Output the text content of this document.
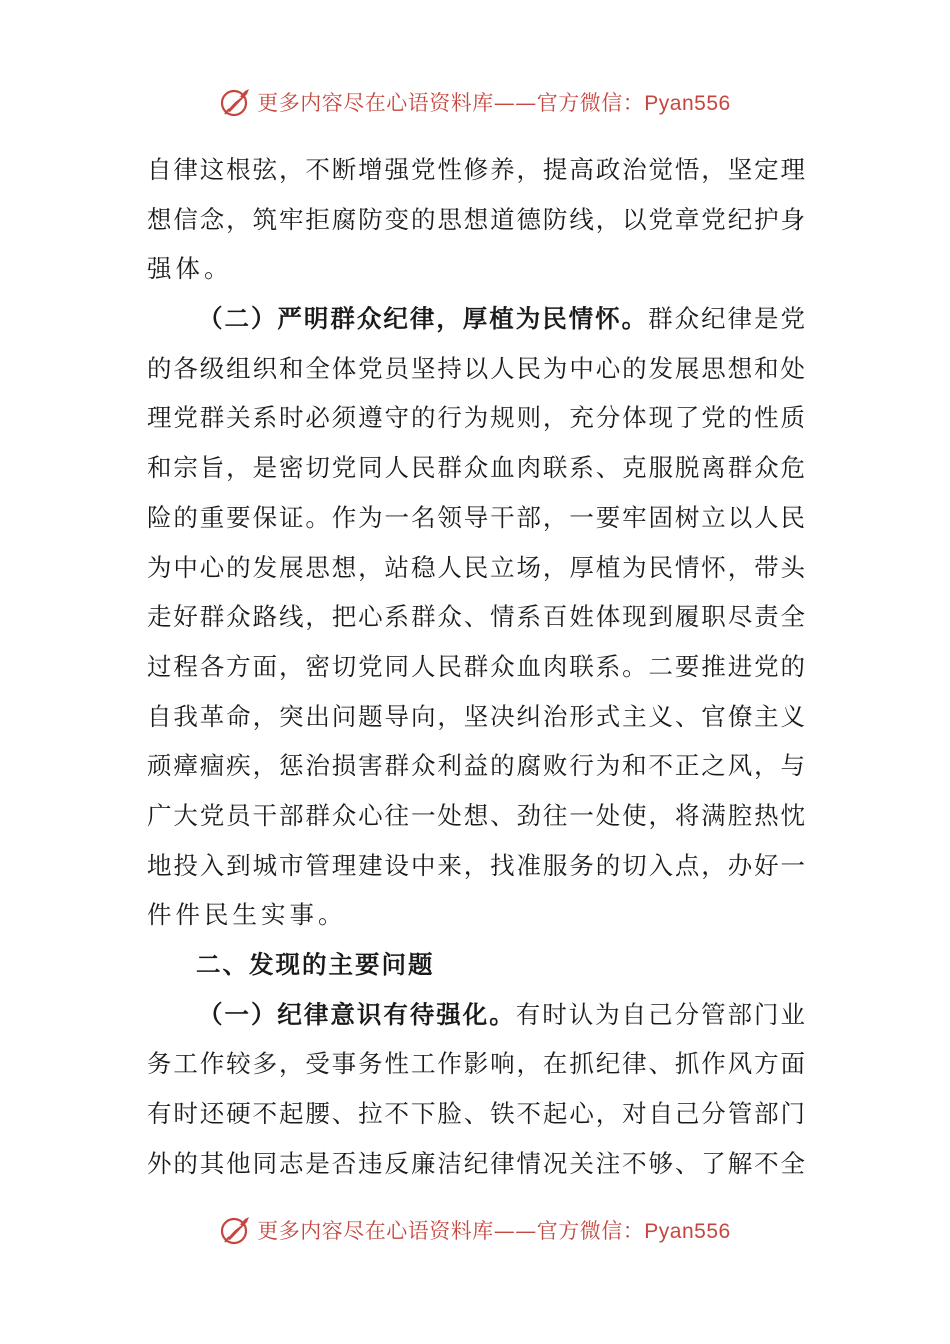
更多内容尽在心语资料库——官方微信：Pyan556
自律这根弦，不断增强党性修养，提高政治觉悟，坚定理
想信念，筑牢拒腐防变的思想道德防线，以党章党纪护身
强体。
（二）严明群众纪律，厚植为民情怀。群众纪律是党
的各级组织和全体党员坚持以人民为中心的发展思想和处
理党群关系时必须遵守的行为规则，充分体现了党的性质
和宗旨，是密切党同人民群众血肉联系、克服脱离群众危
险的重要保证。作为一名领导干部，一要牢固树立以人民
为中心的发展思想，站稳人民立场，厚植为民情怀，带头
走好群众路线，把心系群众、情系百姓体现到履职尽责全
过程各方面，密切党同人民群众血肉联系。二要推进党的
自我革命，突出问题导向，坚决纠治形式主义、官僚主义
顽瘴痼疾，惩治损害群众利益的腐败行为和不正之风，与
广大党员干部群众心往一处想、劲往一处使，将满腔热忱
地投入到城市管理建设中来，找准服务的切入点，办好一
件件民生实事。
二、发现的主要问题
（一）纪律意识有待强化。有时认为自己分管部门业
务工作较多，受事务性工作影响，在抓纪律、抓作风方面
有时还硬不起腰、拉不下脸、铁不起心，对自己分管部门
外的其他同志是否违反廉洁纪律情况关注不够、了解不全
更多内容尽在心语资料库——官方微信：Pyan556
